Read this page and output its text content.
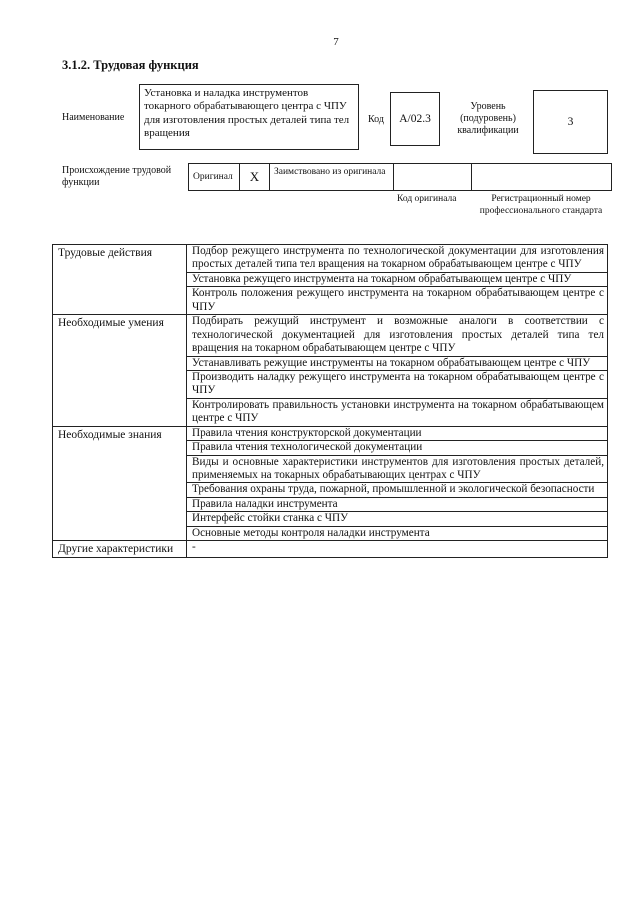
7
3.1.2. Трудовая функция
Наименование
Установка и наладка инструментов токарного обрабатывающего центра с ЧПУ для изготовления простых деталей типа тел вращения
Код	А/02.3
Уровень (подуровень) квалификации
3
Происхождение трудовой функции	Оригинал	X	Заимствовано из оригинала
Код оригинала	Регистрационный номер профессионального стандарта
Трудовые действия	Подбор режущего инструмента по технологической документации для изготовления простых деталей типа тел вращения на токарном обрабатывающем центре с ЧПУ
	Установка режущего инструмента на токарном обрабатывающем центре с ЧПУ
	Контроль положения режущего инструмента на токарном обрабатывающем центре с ЧПУ
Необходимые умения	Подбирать режущий инструмент и возможные аналоги в соответствии с технологической документацией для изготовления простых деталей типа тел вращения на токарном обрабатывающем центре с ЧПУ
	Устанавливать режущие инструменты на токарном обрабатывающем центре с ЧПУ
	Производить наладку режущего инструмента на токарном обрабатывающем центре с ЧПУ
	Контролировать правильность установки инструмента на токарном обрабатывающем центре с ЧПУ
Необходимые знания	Правила чтения конструкторской документации
	Правила чтения технологической документации
	Виды и основные характеристики инструментов для изготовления простых деталей, применяемых на токарных обрабатывающих центрах с ЧПУ
	Требования охраны труда, пожарной, промышленной и экологической безопасности
	Правила наладки инструмента
	Интерфейс стойки станка с ЧПУ
	Основные методы контроля наладки инструмента
Другие характеристики	-
